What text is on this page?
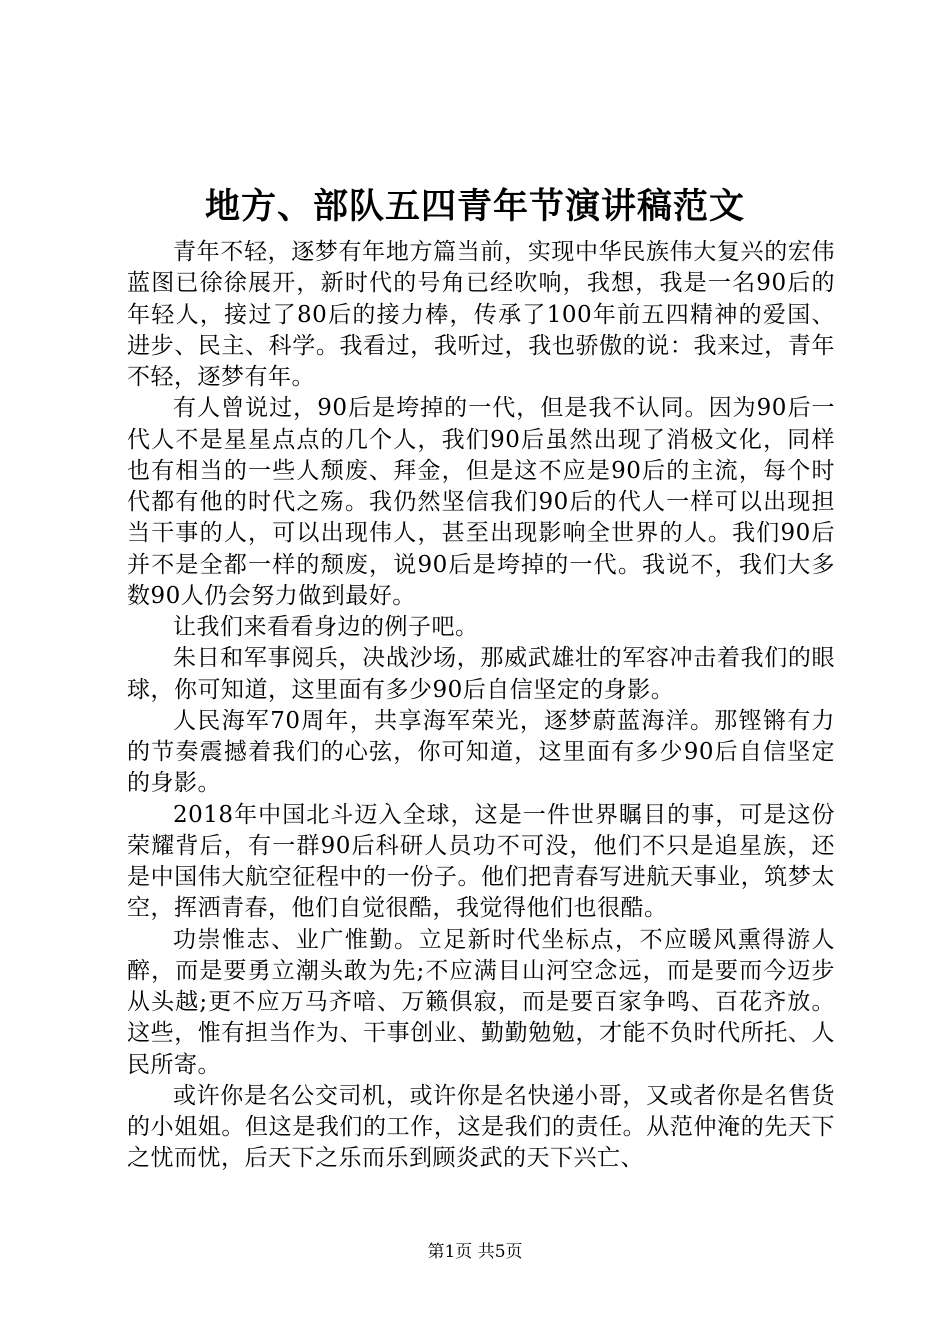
地方、部队五四青年节演讲稿范文

青年不轻，逐梦有年地方篇当前，实现中华民族伟大复兴的宏伟蓝图已徐徐展开，新时代的号角已经吹响，我想，我是一名90后的年轻人，接过了80后的接力棒，传承了100年前五四精神的爱国、进步、民主、科学。我看过，我听过，我也骄傲的说：我来过，青年不轻，逐梦有年。

有人曾说过，90后是垮掉的一代，但是我不认同。因为90后一代人不是星星点点的几个人，我们90后虽然出现了消极文化，同样也有相当的一些人颓废、拜金，但是这不应是90后的主流，每个时代都有他的时代之殇。我仍然坚信我们90后的代人一样可以出现担当干事的人，可以出现伟人，甚至出现影响全世界的人。我们90后并不是全都一样的颓废，说90后是垮掉的一代。我说不，我们大多数90人仍会努力做到最好。

让我们来看看身边的例子吧。

朱日和军事阅兵，决战沙场，那威武雄壮的军容冲击着我们的眼球，你可知道，这里面有多少90后自信坚定的身影。

人民海军70周年，共享海军荣光，逐梦蔚蓝海洋。那铿锵有力的节奏震撼着我们的心弦，你可知道，这里面有多少90后自信坚定的身影。

2018年中国北斗迈入全球，这是一件世界瞩目的事，可是这份荣耀背后，有一群90后科研人员功不可没，他们不只是追星族，还是中国伟大航空征程中的一份子。他们把青春写进航天事业，筑梦太空，挥洒青春，他们自觉很酷，我觉得他们也很酷。

功崇惟志、业广惟勤。立足新时代坐标点，不应暖风熏得游人醉，而是要勇立潮头敢为先;不应满目山河空念远，而是要而今迈步从头越;更不应万马齐喑、万籁俱寂，而是要百家争鸣、百花齐放。这些，惟有担当作为、干事创业、勤勤勉勉，才能不负时代所托、人民所寄。

或许你是名公交司机，或许你是名快递小哥，又或者你是名售货的小姐姐。但这是我们的工作，这是我们的责任。从范仲淹的先天下之忧而忧，后天下之乐而乐到顾炎武的天下兴亡、

第1页 共5页
